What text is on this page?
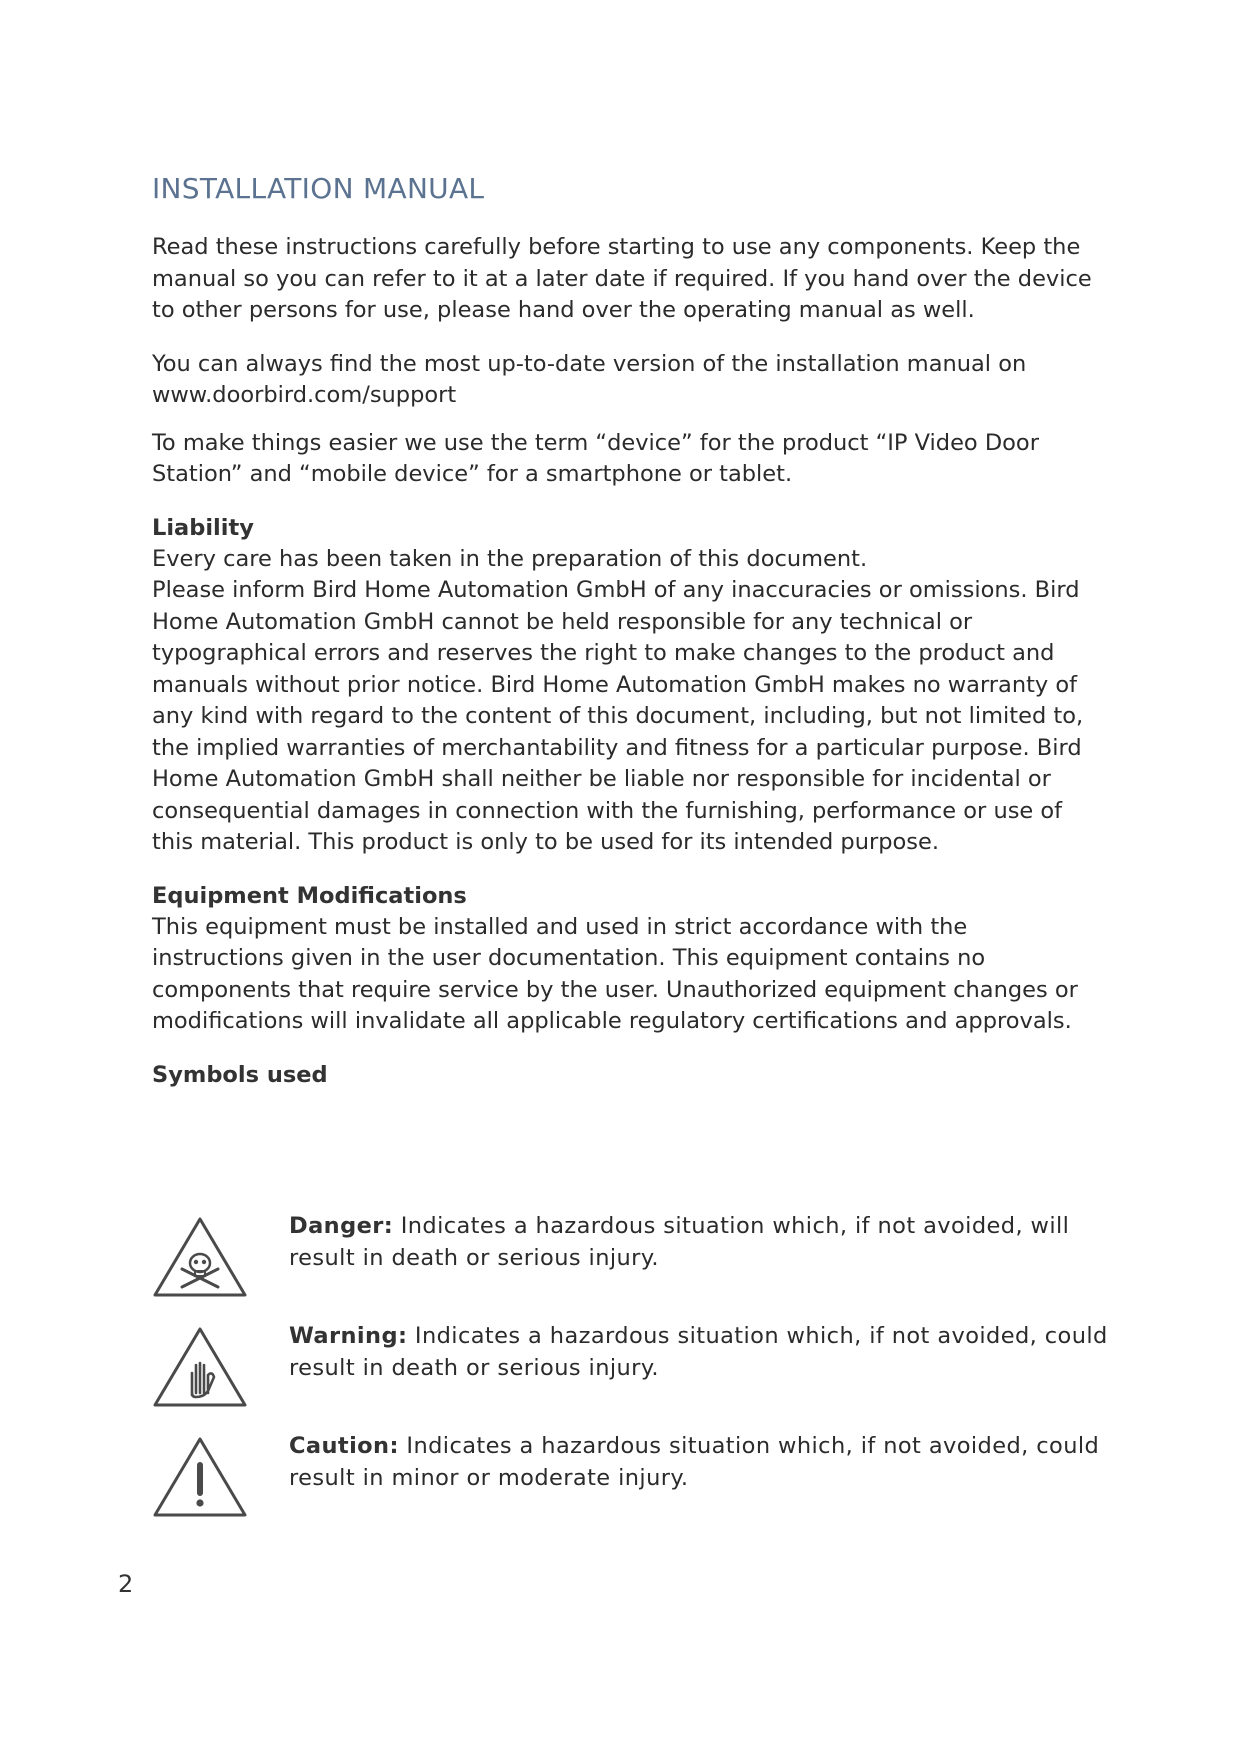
INSTALLATION MANUAL

Read these instructions carefully before starting to use any components. Keep the manual so you can refer to it at a later date if required. If you hand over the device to other persons for use, please hand over the operating manual as well.

You can always find the most up-to-date version of the installation manual on www.doorbird.com/support

To make things easier we use the term “device” for the product “IP Video Door Station” and “mobile device” for a smartphone or tablet.

Liability

Every care has been taken in the preparation of this document.

Please inform Bird Home Automation GmbH of any inaccuracies or omissions. Bird Home Automation GmbH cannot be held responsible for any technical or typographical errors and reserves the right to make changes to the product and manuals without prior notice. Bird Home Automation GmbH makes no warranty of any kind with regard to the content of this document, including, but not limited to, the implied warranties of merchantability and fitness for a particular purpose. Bird Home Automation GmbH shall neither be liable nor responsible for incidental or consequential damages in connection with the furnishing, performance or use of this material. This product is only to be used for its intended purpose.

Equipment Modifications

This equipment must be installed and used in strict accordance with the instructions given in the user documentation. This equipment contains no components that require service by the user. Unauthorized equipment changes or modifications will invalidate all applicable regulatory certifications and approvals.

Symbols used
Danger: Indicates a hazardous situation which, if not avoided, will result in death or serious injury.
Warning: Indicates a hazardous situation which, if not avoided, could result in death or serious injury.
Caution: Indicates a hazardous situation which, if not avoided, could result in minor or moderate injury.
2
